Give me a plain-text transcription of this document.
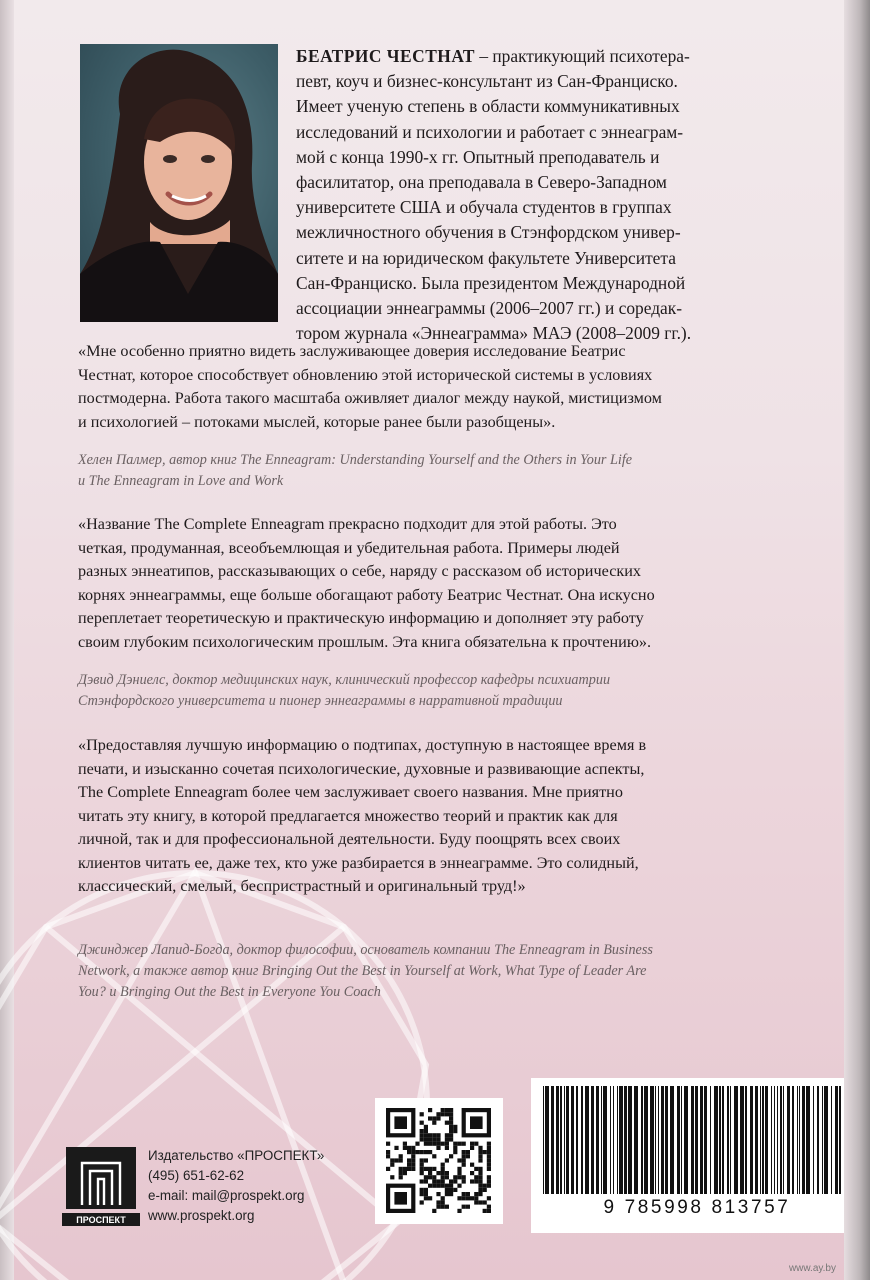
БЕАТРИС ЧЕСТНАТ – практикующий психотера-
певт, коуч и бизнес-консультант из Сан-Франциско.
Имеет ученую степень в области коммуникативных
исследований и психологии и работает с эннеаграм-
мой с конца 1990-х гг. Опытный преподаватель и
фасилитатор, она преподавала в Северо-Западном
университете США и обучала студентов в группах
межличностного обучения в Стэнфордском универ-
ситете и на юридическом факультете Университета
Сан-Франциско. Была президентом Международной
ассоциации эннеаграммы (2006–2007 гг.) и соредак-
тором журнала «Эннеаграмма» МАЭ (2008–2009 гг.).
«Мне особенно приятно видеть заслуживающее доверия исследование Беатрис
Честнат, которое способствует обновлению этой исторической системы в условиях
постмодерна. Работа такого масштаба оживляет диалог между наукой, мистицизмом
и психологией – потоками мыслей, которые ранее были разобщены».
Хелен Палмер, автор книг The Enneagram: Understanding Yourself and the Others in Your Life
и The Enneagram in Love and Work
«Название The Complete Enneagram прекрасно подходит для этой работы. Это
четкая, продуманная, всеобъемлющая и убедительная работа. Примеры людей
разных эннеатипов, рассказывающих о себе, наряду с рассказом об исторических
корнях эннеаграммы, еще больше обогащают работу Беатрис Честнат. Она искусно
переплетает теоретическую и практическую информацию и дополняет эту работу
своим глубоким психологическим прошлым. Эта книга обязательна к прочтению».
Дэвид Дэниелс, доктор медицинских наук, клинический профессор кафедры психиатрии
Стэнфордского университета и пионер эннеаграммы в нарративной традиции
«Предоставляя лучшую информацию о подтипах, доступную в настоящее время в
печати, и изысканно сочетая психологические, духовные и развивающие аспекты,
The Complete Enneagram более чем заслуживает своего названия. Мне приятно
читать эту книгу, в которой предлагается множество теорий и практик как для
личной, так и для профессиональной деятельности. Буду поощрять всех своих
клиентов читать ее, даже тех, кто уже разбирается в эннеаграмме. Это солидный,
классический, смелый, беспристрастный и оригинальный труд!»
Джинджер Лапид-Богда, доктор философии, основатель компании The Enneagram in Business
Network, а также автор книг Bringing Out the Best in Yourself at Work, What Type of Leader Are
You? и Bringing Out the Best in Everyone You Coach
ПРОСПЕКТ
Издательство «ПРОСПЕКТ»
(495) 651-62-62
e-mail: mail@prospekt.org
www.prospekt.org	9 785998 813757
www.ay.by
